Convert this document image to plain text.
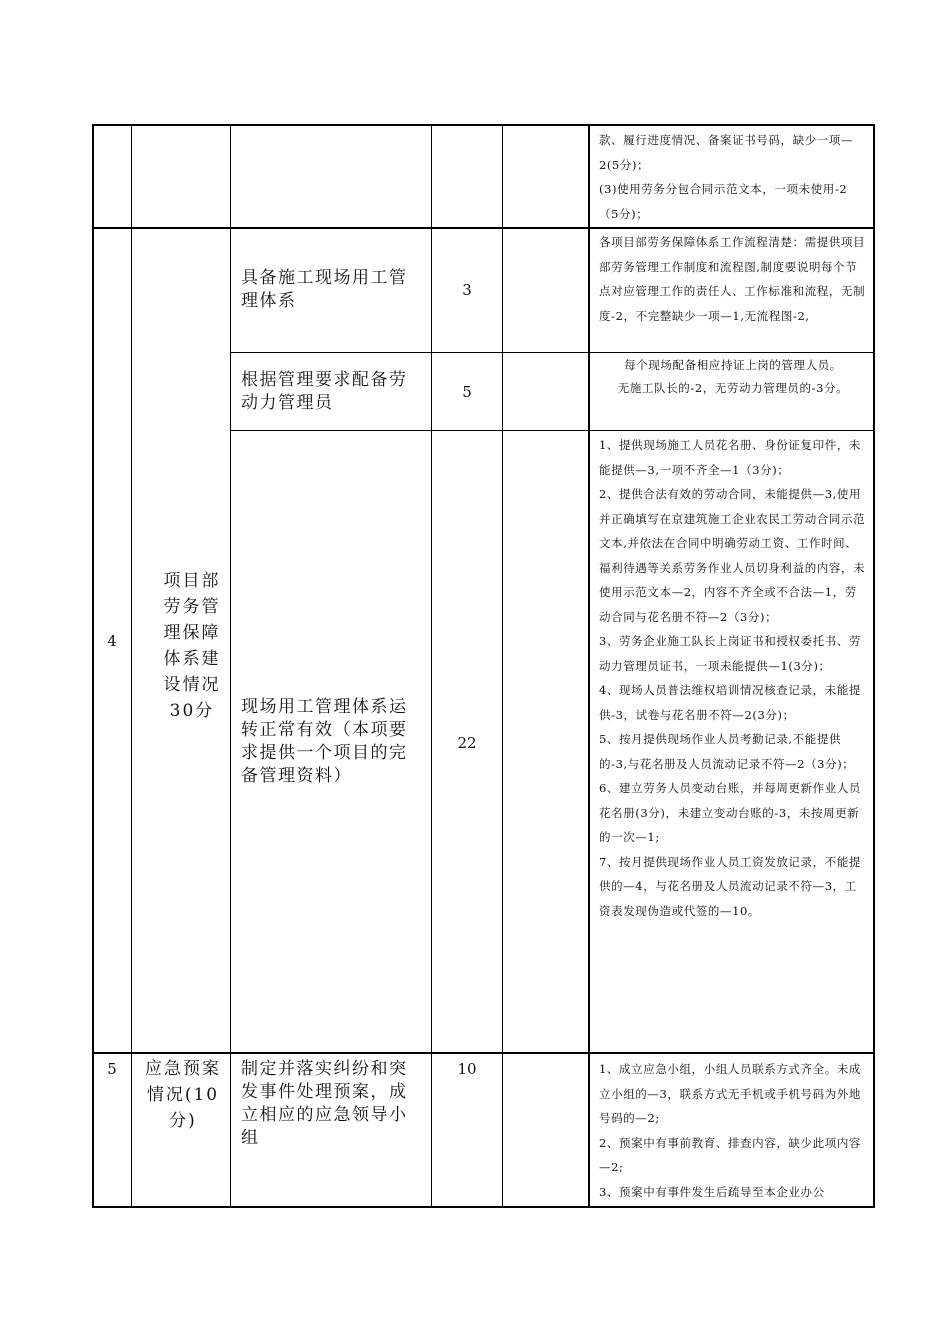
款、履行进度情况、备案证书号码，缺少一项—2(5分)；

(3)使用劳务分包合同示范文本，一项未使用-2（5分)；

4
项目部劳务管理保障体系建设情况30分
具备施工现场用工管理体系
3

各项目部劳务保障体系工作流程清楚：需提供项目部劳务管理工作制度和流程图,制度要说明每个节点对应管理工作的责任人、工作标准和流程，无制度-2，不完整缺少一项—1,无流程图-2,

根据管理要求配备劳动力管理员
5

每个现场配备相应持证上岗的管理人员。

无施工队长的-2，无劳动力管理员的-3分。

现场用工管理体系运转正常有效（本项要求提供一个项目的完备管理资料）
22

1、提供现场施工人员花名册、身份证复印件，未能提供—3,一项不齐全—1（3分)；

2、提供合法有效的劳动合同，未能提供—3,使用并正确填写在京建筑施工企业农民工劳动合同示范文本,并依法在合同中明确劳动工资、工作时间、福利待遇等关系劳务作业人员切身利益的内容，未使用示范文本—2，内容不齐全或不合法—1，劳动合同与花名册不符—2（3分)；

3、劳务企业施工队长上岗证书和授权委托书、劳动力管理员证书，一项未能提供—1(3分)；

4、现场人员普法维权培训情况核查记录，未能提供-3，试卷与花名册不符—2(3分)；

5、按月提供现场作业人员考勤记录,不能提供的-3,与花名册及人员流动记录不符—2（3分)；

6、建立劳务人员变动台账，并每周更新作业人员花名册(3分)，未建立变动台账的-3，未按周更新的一次—1;

7、按月提供现场作业人员工资发放记录，不能提供的—4，与花名册及人员流动记录不符—3，工资表发现伪造或代签的—10。

5	应急预案情况(10分)
制定并落实纠纷和突发事件处理预案，成立相应的应急领导小组
10	1、成立应急小组，小组人员联系方式齐全。未成立小组的—3，联系方式无手机或手机号码为外地号码的—2;

2、预案中有事前教育、排查内容，缺少此项内容—2;

3、预案中有事件发生后疏导至本企业办公
